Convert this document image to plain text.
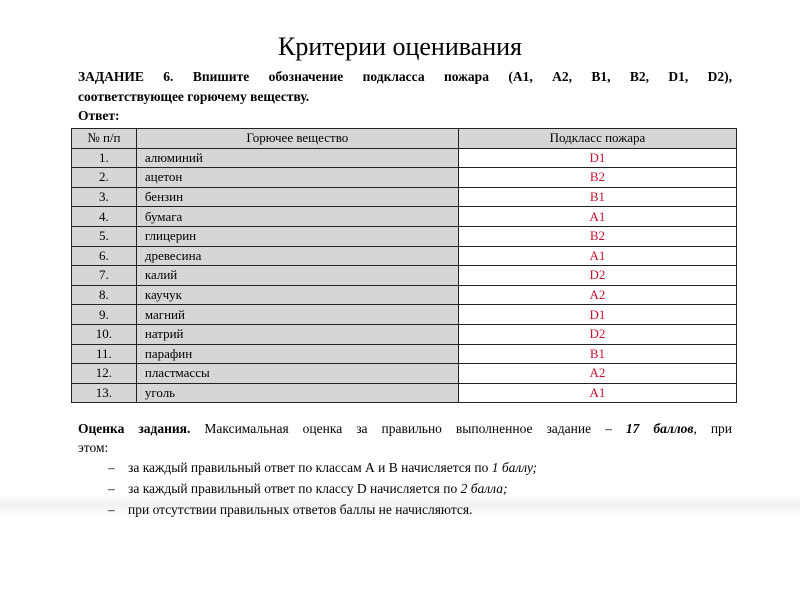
Критерии оценивания
ЗАДАНИЕ 6. Впишите обозначение подкласса пожара (А1, А2, В1, В2, D1, D2),
соответствующее горючему веществу.
Ответ:
№ п/п	Горючее вещество	Подкласс пожара
1.	алюминий	D1
2.	ацетон	B2
3.	бензин	B1
4.	бумага	A1
5.	глицерин	B2
6.	древесина	A1
7.	калий	D2
8.	каучук	A2
9.	магний	D1
10.	натрий	D2
11.	парафин	B1
12.	пластмассы	A2
13.	уголь	A1
Оценка задания. Максимальная оценка за правильно выполненное задание – 17 баллов, при
этом:
– за каждый правильный ответ по классам А и В начисляется по 1 баллу;
– за каждый правильный ответ по классу D начисляется по 2 балла;
– при отсутствии правильных ответов баллы не начисляются.
